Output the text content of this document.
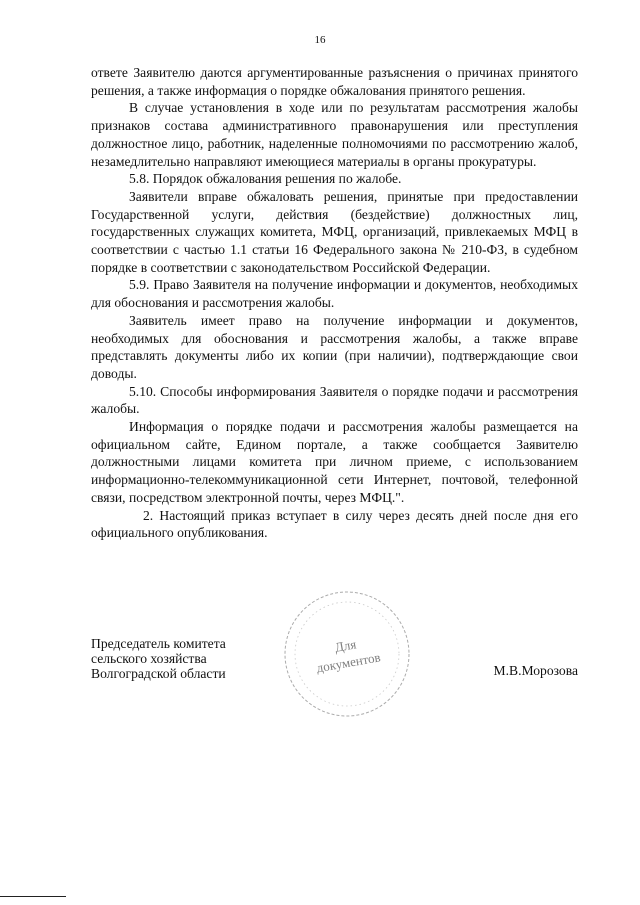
16

ответе Заявителю даются аргументированные разъяснения о причинах принятого решения, а также информация о порядке обжалования принятого решения.

В случае установления в ходе или по результатам рассмотрения жалобы признаков состава административного правонарушения или преступления должностное лицо, работник, наделенные полномочиями по рассмотрению жалоб, незамедлительно направляют имеющиеся материалы в органы прокуратуры.

5.8. Порядок обжалования решения по жалобе.

Заявители вправе обжаловать решения, принятые при предоставлении Государственной услуги, действия (бездействие) должностных лиц, государственных служащих комитета, МФЦ, организаций, привлекаемых МФЦ в соответствии с частью 1.1 статьи 16 Федерального закона № 210-ФЗ, в судебном порядке в соответствии с законодательством Российской Федерации.

5.9. Право Заявителя на получение информации и документов, необходимых для обоснования и рассмотрения жалобы.

Заявитель имеет право на получение информации и документов, необходимых для обоснования и рассмотрения жалобы, а также вправе представлять документы либо их копии (при наличии), подтверждающие свои доводы.

5.10. Способы информирования Заявителя о порядке подачи и рассмотрения жалобы.

Информация о порядке подачи и рассмотрения жалобы размещается на официальном сайте, Едином портале, а также сообщается Заявителю должностными лицами комитета при личном приеме, с использованием информационно-телекоммуникационной сети Интернет, почтовой, телефонной связи, посредством электронной почты, через МФЦ.".

2. Настоящий приказ вступает в силу через десять дней после дня его официального опубликования.

Для
документов
Председатель комитета
сельского хозяйства
Волгоградской области	М.В.Морозова
